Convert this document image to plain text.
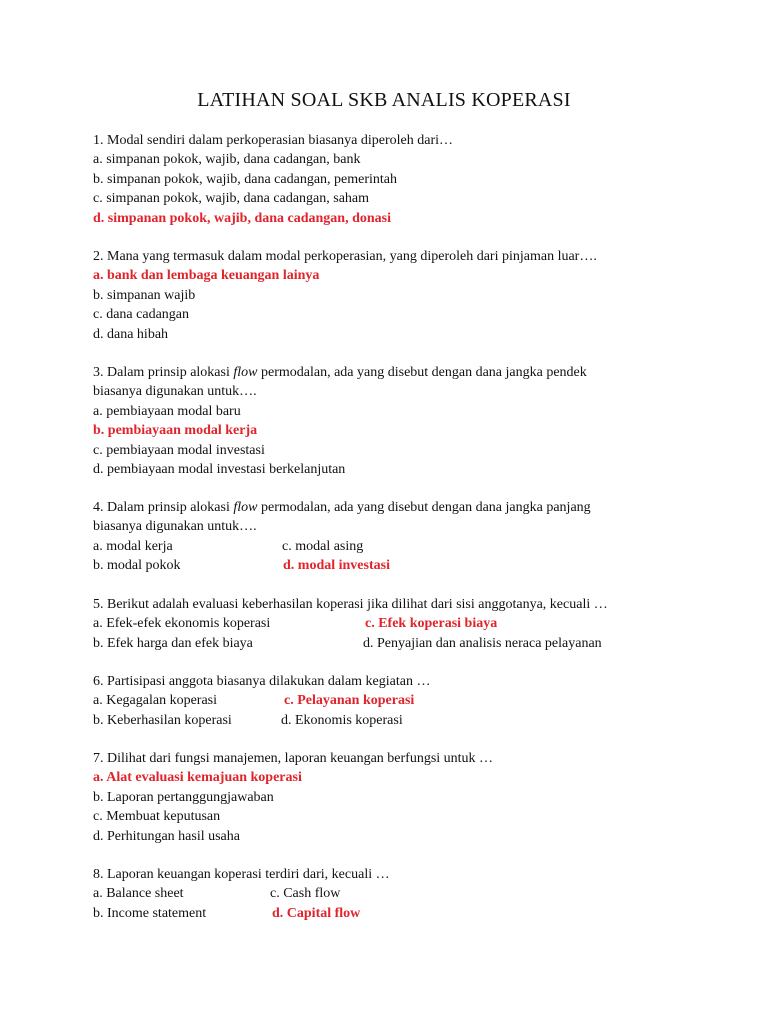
LATIHAN SOAL SKB ANALIS KOPERASI
1. Modal sendiri dalam perkoperasian biasanya diperoleh dari…
a. simpanan pokok, wajib, dana cadangan, bank
b. simpanan pokok, wajib, dana cadangan, pemerintah
c. simpanan pokok, wajib, dana cadangan, saham
d. simpanan pokok, wajib, dana cadangan, donasi
2. Mana yang termasuk dalam modal perkoperasian, yang diperoleh dari pinjaman luar….
a. bank dan lembaga keuangan lainya
b. simpanan wajib
c. dana cadangan
d. dana hibah
3. Dalam prinsip alokasi flow permodalan, ada yang disebut dengan dana jangka pendek
biasanya digunakan untuk….
a. pembiayaan modal baru
b. pembiayaan modal kerja
c. pembiayaan modal investasi
d. pembiayaan modal investasi berkelanjutan
4. Dalam prinsip alokasi flow permodalan, ada yang disebut dengan dana jangka panjang
biasanya digunakan untuk….
a. modal kerja	c. modal asing
b. modal pokok	d. modal investasi
5. Berikut adalah evaluasi keberhasilan koperasi jika dilihat dari sisi anggotanya, kecuali …
a. Efek-efek ekonomis koperasi	c. Efek koperasi biaya
b. Efek harga dan efek biaya	d. Penyajian dan analisis neraca pelayanan
6. Partisipasi anggota biasanya dilakukan dalam kegiatan …
a. Kegagalan koperasi	c. Pelayanan koperasi
b. Keberhasilan koperasi	d. Ekonomis koperasi
7. Dilihat dari fungsi manajemen, laporan keuangan berfungsi untuk …
a. Alat evaluasi kemajuan koperasi
b. Laporan pertanggungjawaban
c. Membuat keputusan
d. Perhitungan hasil usaha
8. Laporan keuangan koperasi terdiri dari, kecuali …
a. Balance sheet	c. Cash flow
b. Income statement	d. Capital flow
